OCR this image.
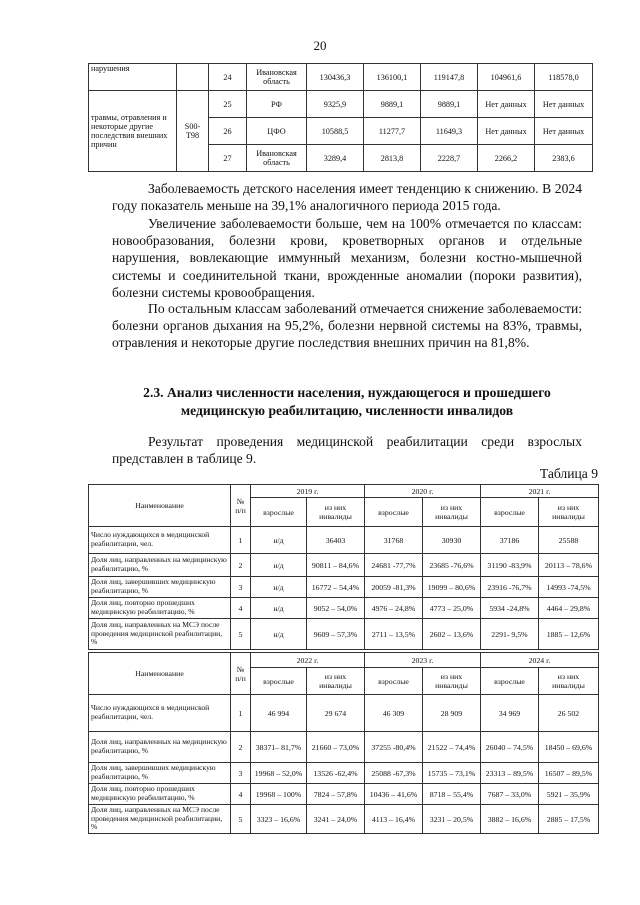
20
нарушения		24	Ивановская область	130436,3	136100,1	119147,8	104961,6	118578,0
травмы, отравления и некоторые другие последствия внешних причин	S00-T98	25	РФ	9325,9	9889,1	9889,1	Нет данных	Нет данных
		26	ЦФО	10588,5	11277,7	11649,3	Нет данных	Нет данных
		27	Ивановская область	3289,4	2813,8	2228,7	2266,2	2383,6
Заболеваемость детского населения имеет тенденцию к снижению. В 2024 году показатель меньше на 39,1% аналогичного периода 2015 года.
Увеличение заболеваемости больше, чем на 100% отмечается по классам: новообразования, болезни крови, кроветворных органов и отдельные нарушения, вовлекающие иммунный механизм, болезни костно-мышечной системы и соединительной ткани, врожденные аномалии (пороки развития), болезни системы кровообращения.
По остальным классам заболеваний отмечается снижение заболеваемости: болезни органов дыхания на 95,2%, болезни нервной системы на 83%, травмы, отравления и некоторые другие последствия внешних причин на 81,8%.
2.3. Анализ численности населения, нуждающегося и прошедшего медицинскую реабилитацию, численности инвалидов
Результат проведения медицинской реабилитации среди взрослых представлен в таблице 9.
Таблица 9
Наименование	№ п/п	2019 г.		2020 г.		2021 г.	
		взрослые	из них инвалиды	взрослые	из них инвалиды	взрослые	из них инвалиды
Число нуждающихся в медицинской реабилитации, чел.	1	н/д	36403	31768	30930	37186	25588
Доля лиц, направленных на медицинскую реабилитацию, %	2	н/д	90811 – 84,6%	24681 -77,7%	23685 -76,6%	31190 -83,9%	20113 – 78,6%
Доля лиц, завершивших медицинскую реабилитацию, %	3	н/д	16772 – 54,4%	20059 -81,3%	19099 – 80,6%	23916 -76,7%	14993 -74,5%
Доля лиц, повторно прошедших медицинскую реабилитацию, %	4	н/д	9052 – 54,0%	4976 – 24,8%	4773 – 25,0%	5934 -24,8%	4464 – 29,8%
Доля лиц, направленных на МСЭ после проведения медицинской реабилитации, %	5	н/д	9609 – 57,3%	2711 – 13,5%	2602 – 13,6%	2291- 9,5%	1885 – 12,6%
Наименование	№ п/п	2022 г.		2023 г.		2024 г.	
		взрослые	из них инвалиды	взрослые	из них инвалиды	взрослые	из них инвалиды
Число нуждающихся в медицинской реабилитации, чел.	1	46 994	29 674	46 309	28 909	34 969	26 502
Доля лиц, направленных на медицинскую реабилитацию, %	2	38371– 81,7%	21660 – 73,0%	37255 -80,4%	21522 – 74,4%	26040 – 74,5%	18450 – 69,6%
Доля лиц, завершивших медицинскую реабилитацию, %	3	19968 – 52,0%	13526 -62,4%	25088 -67,3%	15735 – 73,1%	23313 – 89,5%	16507 – 89,5%
Доля лиц, повторно прошедших медицинскую реабилитацию, %	4	19968 – 100%	7824 – 57,8%	10436 – 41,6%	8718 – 55,4%	7687 – 33,0%	5921 – 35,9%
Доля лиц, направленных на МСЭ после проведения медицинской реабилитации, %	5	3323 – 16,6%	3241 – 24,0%	4113 – 16,4%	3231 – 20,5%	3882 – 16,6%	2885 – 17,5%
